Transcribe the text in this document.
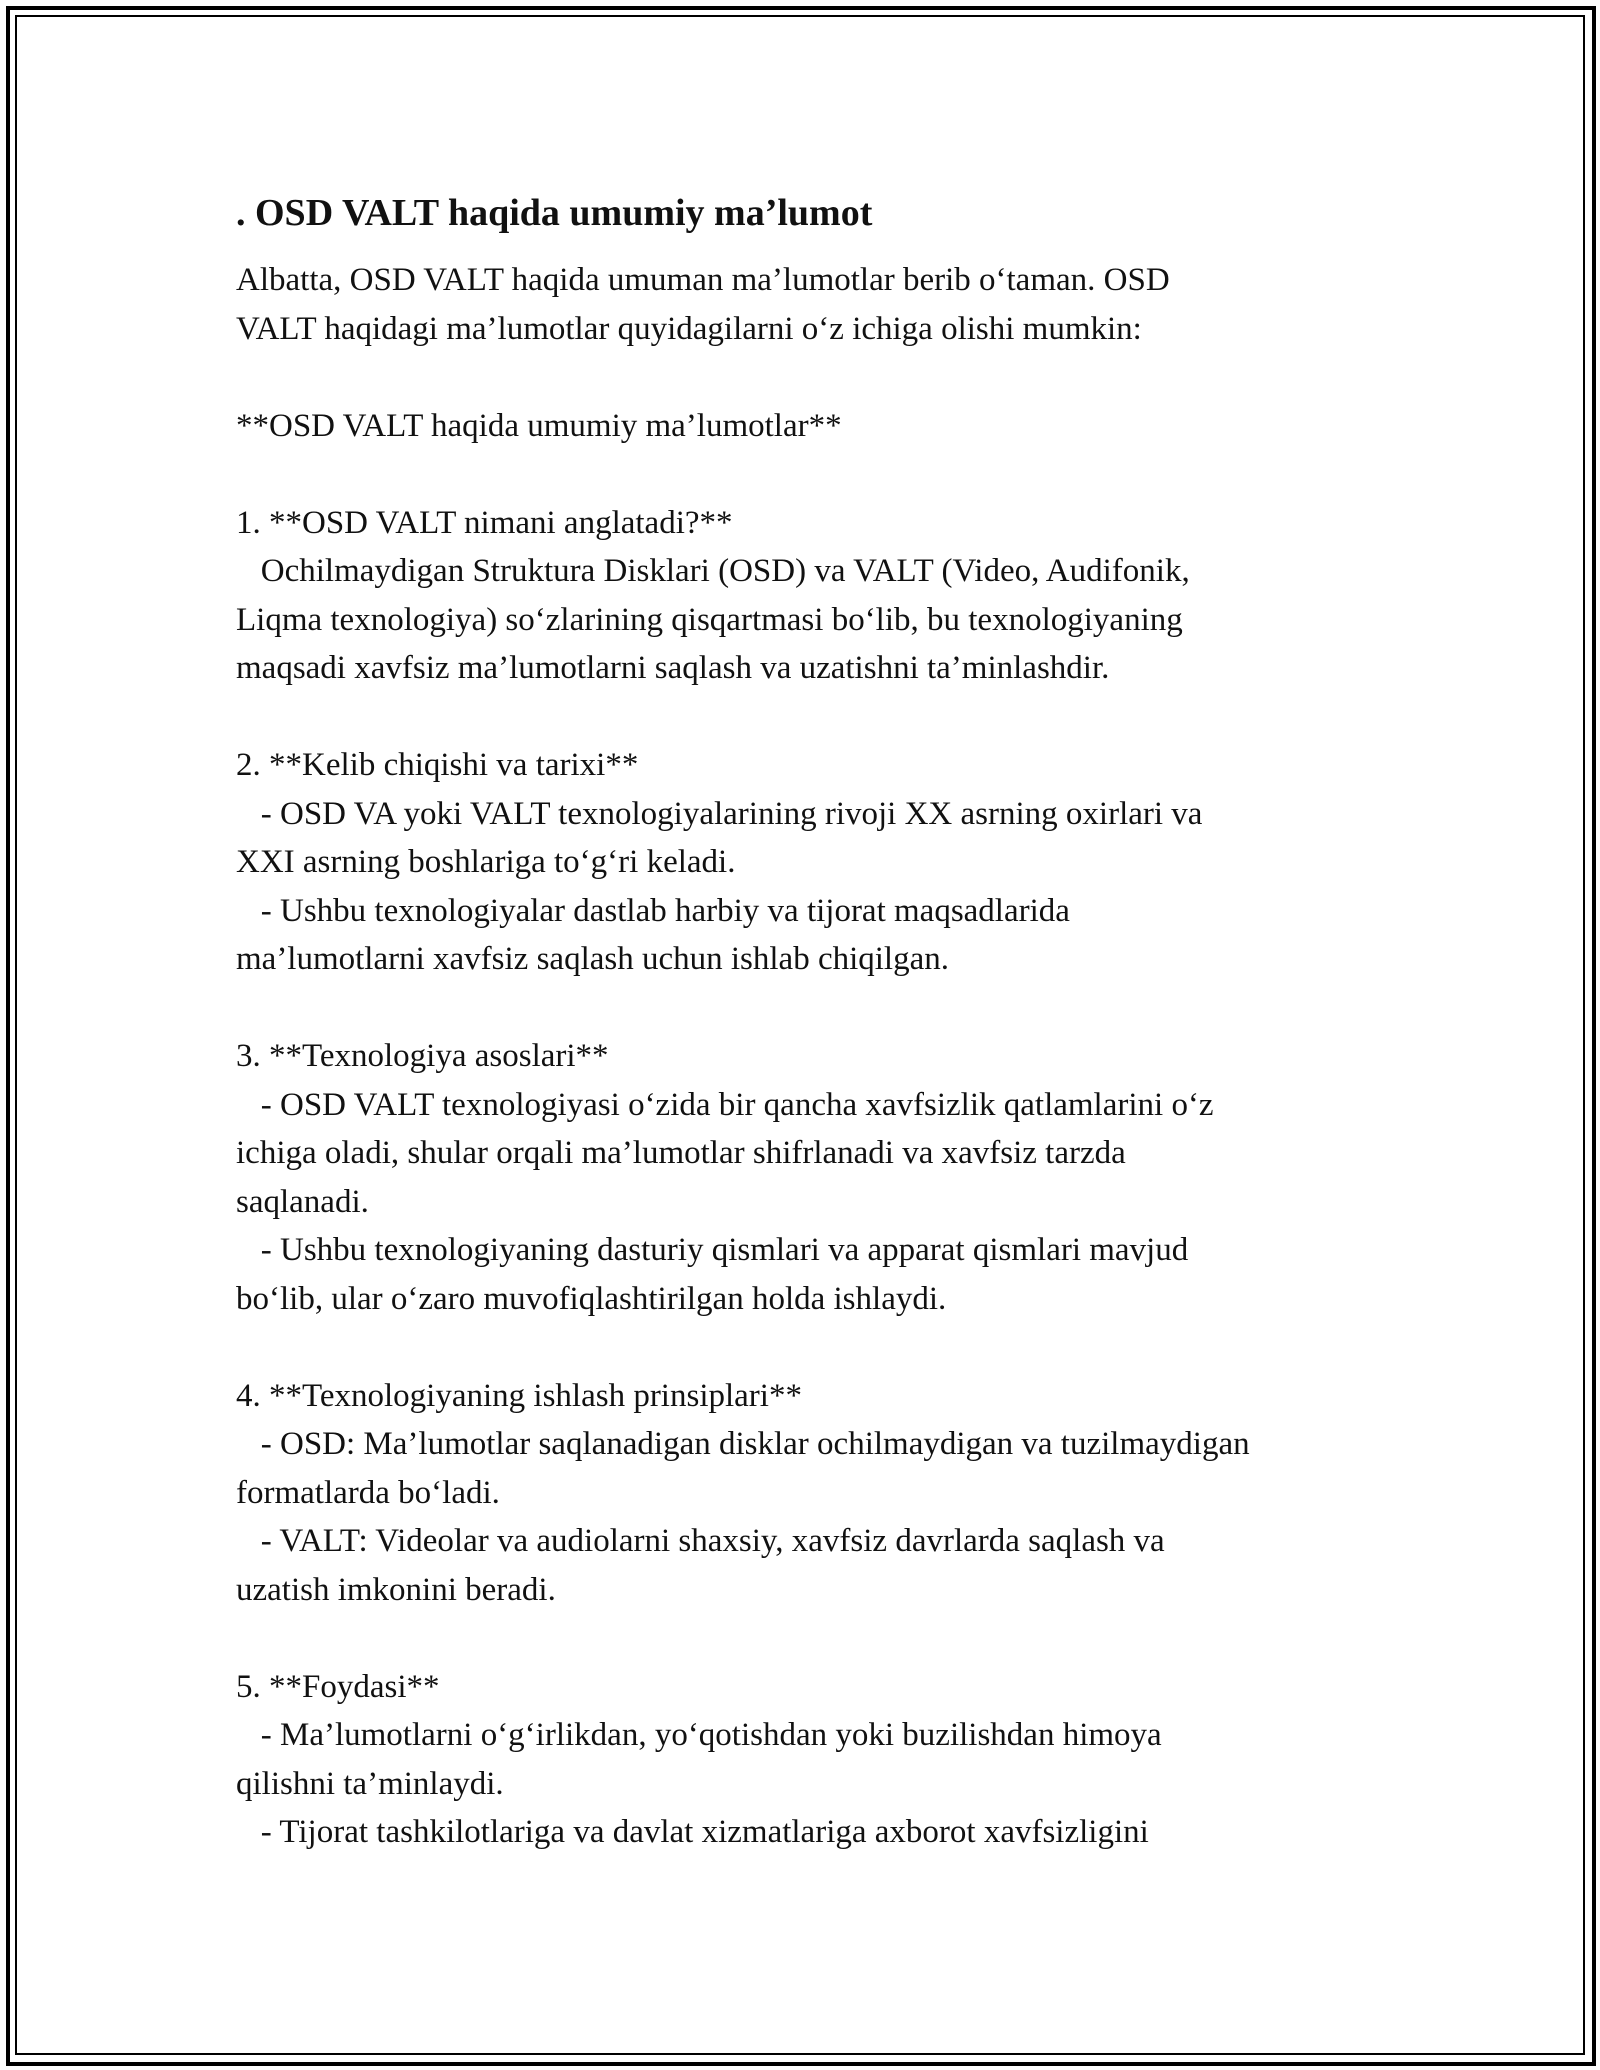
. OSD VALT haqida umumiy ma’lumot

Albatta, OSD VALT haqida umuman ma’lumotlar berib o‘taman. OSD

VALT haqidagi ma’lumotlar quyidagilarni o‘z ichiga olishi mumkin:

**OSD VALT haqida umumiy ma’lumotlar**

1. **OSD VALT nimani anglatadi?**

Ochilmaydigan Struktura Disklari (OSD) va VALT (Video, Audifonik,

Liqma texnologiya) so‘zlarining qisqartmasi bo‘lib, bu texnologiyaning

maqsadi xavfsiz ma’lumotlarni saqlash va uzatishni ta’minlashdir.

2. **Kelib chiqishi va tarixi**

- OSD VA yoki VALT texnologiyalarining rivoji XX asrning oxirlari va

XXI asrning boshlariga to‘g‘ri keladi.

- Ushbu texnologiyalar dastlab harbiy va tijorat maqsadlarida

ma’lumotlarni xavfsiz saqlash uchun ishlab chiqilgan.

3. **Texnologiya asoslari**

- OSD VALT texnologiyasi o‘zida bir qancha xavfsizlik qatlamlarini o‘z

ichiga oladi, shular orqali ma’lumotlar shifrlanadi va xavfsiz tarzda

saqlanadi.

- Ushbu texnologiyaning dasturiy qismlari va apparat qismlari mavjud

bo‘lib, ular o‘zaro muvofiqlashtirilgan holda ishlaydi.

4. **Texnologiyaning ishlash prinsiplari**

- OSD: Ma’lumotlar saqlanadigan disklar ochilmaydigan va tuzilmaydigan

formatlarda bo‘ladi.

- VALT: Videolar va audiolarni shaxsiy, xavfsiz davrlarda saqlash va

uzatish imkonini beradi.

5. **Foydasi**

- Ma’lumotlarni o‘g‘irlikdan, yo‘qotishdan yoki buzilishdan himoya

qilishni ta’minlaydi.

- Tijorat tashkilotlariga va davlat xizmatlariga axborot xavfsizligini
